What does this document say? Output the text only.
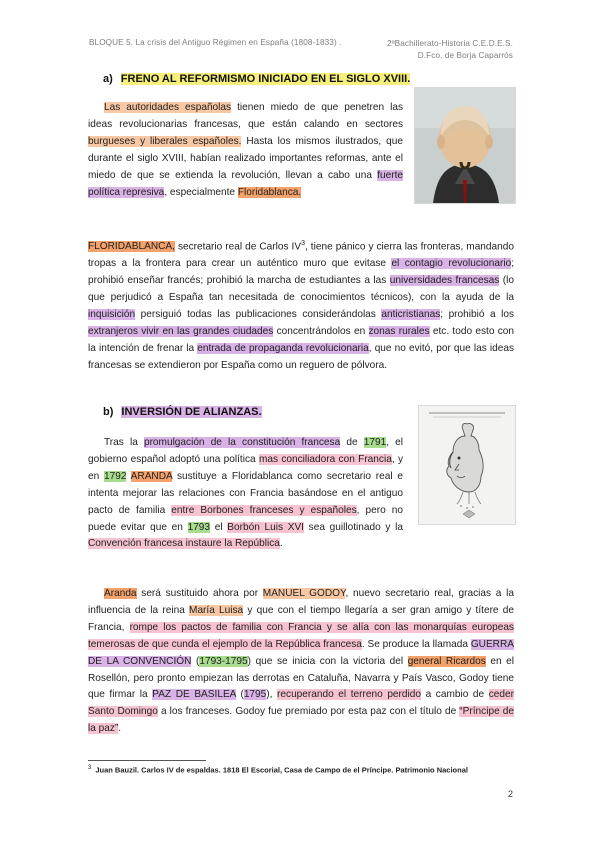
BLOQUE 5. La crisis del Antiguo Régimen en España (1808-1833) .	2ºBachillerato-Historia C.E.D.E.S.
D.Fco. de Borja Caparrós
a) FRENO AL REFORMISMO INICIADO EN EL SIGLO XVIII.
Las autoridades españolas tienen miedo de que penetren las ideas revolucionarias francesas, que están calando en sectores burgueses y liberales españoles. Hasta los mismos ilustrados, que durante el siglo XVIII, habían realizado importantes reformas, ante el miedo de que se extienda la revolución, llevan a cabo una fuerte política represiva, especialmente Floridablanca.
FLORIDABLANCA, secretario real de Carlos $IV^3$, tiene pánico y cierra las fronteras, mandando tropas a la frontera para crear un auténtico muro que evitase el contagio revolucionario; prohibió enseñar francés; prohibió la marcha de estudiantes a las universidades francesas (lo que perjudicó a España tan necesitada de conocimientos técnicos), con la ayuda de la inquisición persiguió todas las publicaciones considerándolas anticristianas; prohibió a los extranjeros vivir en las grandes ciudades concentrándolos en zonas rurales etc. todo esto con la intención de frenar la entrada de propaganda revolucionaria, que no evitó, por que las ideas francesas se extendieron por España como un reguero de pólvora.
b) INVERSIÓN DE ALIANZAS.
Tras la promulgación de la constitución francesa de 1791, el gobierno español adoptó una política mas conciliadora con Francia, y en 1792 ARANDA sustituye a Floridablanca como secretario real e intenta mejorar las relaciones con Francia basándose en el antiguo pacto de familia entre Borbones franceses y españoles, pero no puede evitar que en 1793 el Borbón Luis XVI sea guillotinado y la Convención francesa instaure la República.
Aranda será sustituido ahora por MANUEL GODOY, nuevo secretario real, gracias a la influencia de la reina María Luisa y que con el tiempo llegaría a ser gran amigo y títere de Francia, rompe los pactos de familia con Francia y se alía con las monarquías europeas temerosas de que cunda el ejemplo de la República francesa. Se produce la llamada GUERRA DE LA CONVENCIÓN (1793-1795) que se inicia con la victoria del general Ricardos en el Rosellón, pero pronto empiezan las derrotas en Cataluña, Navarra y País Vasco, Godoy tiene que firmar la PAZ DE BASILEA (1795), recuperando el terreno perdido a cambio de ceder Santo Domingo a los franceses. Godoy fue premiado por esta paz con el título de “Príncipe de la paz”.
$^3$ Juan Bauzil. Carlos IV de espaldas. 1818 El Escorial, Casa de Campo de el Príncipe. Patrimonio Nacional
2
